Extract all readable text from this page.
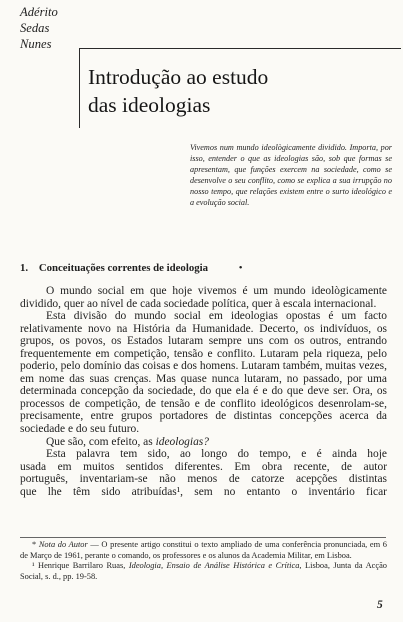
Adérito
Sedas
Nunes
Introdução ao estudo
das ideologias
Vivemos num mundo ideològicamente dividido. Importa, por isso, entender o que as ideologias são, sob que formas se apresentam, que funções exercem na sociedade, como se desenvolve o seu conflito, como se explica a sua irrupção no nosso tempo, que relações existem entre o surto ideológico e a evolução social.
1. Conceituações correntes de ideologia	•

O mundo social em que hoje vivemos é um mundo ideològicamente dividido, quer ao nível de cada sociedade política, quer à escala internacional.

Esta divisão do mundo social em ideologias opostas é um facto relativamente novo na História da Humanidade. Decerto, os indivíduos, os grupos, os povos, os Estados lutaram sempre uns com os outros, entrando frequentemente em competição, tensão e conflito. Lutaram pela riqueza, pelo poderio, pelo domínio das coisas e dos homens. Lutaram também, muitas vezes, em nome das suas crenças. Mas quase nunca lutaram, no passado, por uma determinada concepção da sociedade, do que ela é e do que deve ser. Ora, os processos de competição, de tensão e de conflito ideológicos desenrolam-se, precisamente, entre grupos portadores de distintas concepções acerca da sociedade e do seu futuro.

Que são, com efeito, as ideologias?

Esta palavra tem sido, ao longo do tempo, e é ainda hoje

usada em muitos sentidos diferentes. Em obra recente, de autor

português, inventariam-se não menos de catorze acepções distintas

que lhe têm sido atribuídas¹, sem no entanto o inventário ficar

* Nota do Autor — O presente artigo constitui o texto ampliado de uma conferência pronunciada, em 6 de Março de 1961, perante o comando, os professores e os alunos da Academia Militar, em Lisboa.

¹ Henrique Barrilaro Ruas, Ideologia, Ensaio de Análise Histórica e Crítica, Lisboa, Junta da Acção Social, s. d., pp. 19-58.

5
